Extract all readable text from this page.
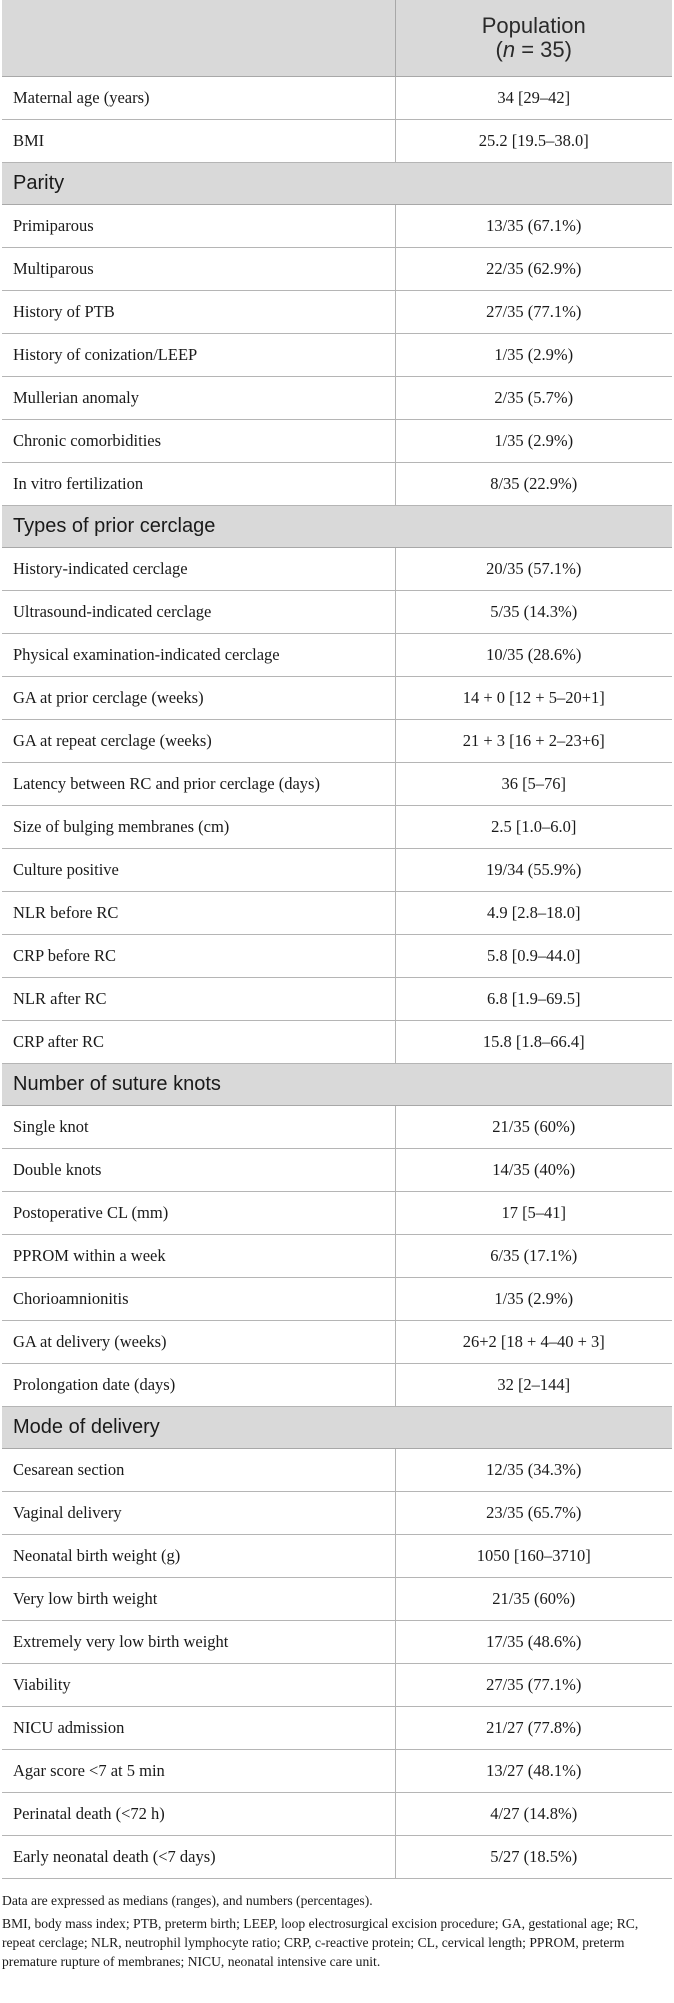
	Population
(n = 35)

Maternal age (years)	34 [29–42]
BMI	25.2 [19.5–38.0]
Parity	
Primiparous	13/35 (67.1%)
Multiparous	22/35 (62.9%)
History of PTB	27/35 (77.1%)
History of conization/LEEP	1/35 (2.9%)
Mullerian anomaly	2/35 (5.7%)
Chronic comorbidities	1/35 (2.9%)
In vitro fertilization	8/35 (22.9%)
Types of prior cerclage	
History-indicated cerclage	20/35 (57.1%)
Ultrasound-indicated cerclage	5/35 (14.3%)
Physical examination-indicated cerclage	10/35 (28.6%)
GA at prior cerclage (weeks)	14 + 0 [12 + 5–20+1]
GA at repeat cerclage (weeks)	21 + 3 [16 + 2–23+6]
Latency between RC and prior cerclage (days)	36 [5–76]
Size of bulging membranes (cm)	2.5 [1.0–6.0]
Culture positive	19/34 (55.9%)
NLR before RC	4.9 [2.8–18.0]
CRP before RC	5.8 [0.9–44.0]
NLR after RC	6.8 [1.9–69.5]
CRP after RC	15.8 [1.8–66.4]
Number of suture knots	
Single knot	21/35 (60%)
Double knots	14/35 (40%)
Postoperative CL (mm)	17 [5–41]
PPROM within a week	6/35 (17.1%)
Chorioamnionitis	1/35 (2.9%)
GA at delivery (weeks)	26+2 [18 + 4–40 + 3]
Prolongation date (days)	32 [2–144]
Mode of delivery	
Cesarean section	12/35 (34.3%)
Vaginal delivery	23/35 (65.7%)
Neonatal birth weight (g)	1050 [160–3710]
Very low birth weight	21/35 (60%)
Extremely very low birth weight	17/35 (48.6%)
Viability	27/35 (77.1%)
NICU admission	21/27 (77.8%)
Agar score <7 at 5 min	13/27 (48.1%)
Perinatal death (<72 h)	4/27 (14.8%)
Early neonatal death (<7 days)	5/27 (18.5%)

Data are expressed as medians (ranges), and numbers (percentages).

BMI, body mass index; PTB, preterm birth; LEEP, loop electrosurgical excision procedure; GA, gestational age; RC, repeat cerclage; NLR, neutrophil lymphocyte ratio; CRP, c-reactive protein; CL, cervical length; PPROM, preterm premature rupture of membranes; NICU, neonatal intensive care unit.
